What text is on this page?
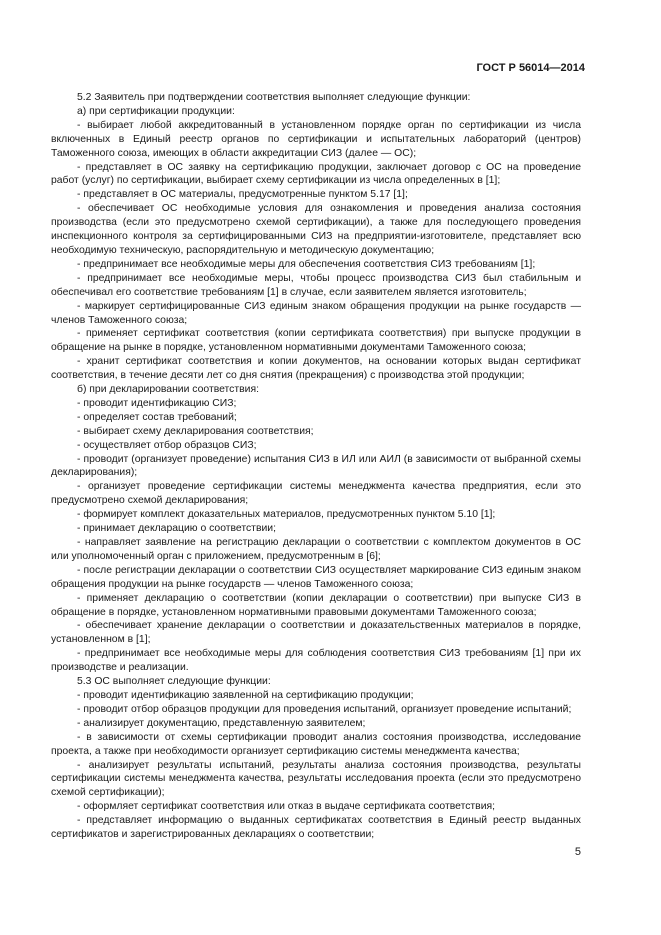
ГОСТ Р 56014—2014

5.2 Заявитель при подтверждении соответствия выполняет следующие функции:

а) при сертификации продукции:

- выбирает любой аккредитованный в установленном порядке орган по сертификации из числа включенных в Единый реестр органов по сертификации и испытательных лабораторий (центров) Таможенного союза, имеющих в области аккредитации СИЗ (далее — ОС);

- представляет в ОС заявку на сертификацию продукции, заключает договор с ОС на проведение работ (услуг) по сертификации, выбирает схему сертификации из числа определенных в [1];

- представляет в ОС материалы, предусмотренные пунктом 5.17 [1];

- обеспечивает ОС необходимые условия для ознакомления и проведения анализа состояния производства (если это предусмотрено схемой сертификации), а также для последующего проведения инспекционного контроля за сертифицированными СИЗ на предприятии-изготовителе, представляет всю необходимую техническую, распорядительную и методическую документацию;

- предпринимает все необходимые меры для обеспечения соответствия СИЗ требованиям [1];

- предпринимает все необходимые меры, чтобы процесс производства СИЗ был стабильным и обеспечивал его соответствие требованиям [1] в случае, если заявителем является изготовитель;

- маркирует сертифицированные СИЗ единым знаком обращения продукции на рынке государств — членов Таможенного союза;

- применяет сертификат соответствия (копии сертификата соответствия) при выпуске продукции в обращение на рынке в порядке, установленном нормативными документами Таможенного союза;

- хранит сертификат соответствия и копии документов, на основании которых выдан сертификат соответствия, в течение десяти лет со дня снятия (прекращения) с производства этой продукции;

б) при декларировании соответствия:

- проводит идентификацию СИЗ;

- определяет состав требований;

- выбирает схему декларирования соответствия;

- осуществляет отбор образцов СИЗ;

- проводит (организует проведение) испытания СИЗ в ИЛ или АИЛ (в зависимости от выбранной схемы декларирования);

- организует проведение сертификации системы менеджмента качества предприятия, если это предусмотрено схемой декларирования;

- формирует комплект доказательных материалов, предусмотренных пунктом 5.10 [1];

- принимает декларацию о соответствии;

- направляет заявление на регистрацию декларации о соответствии с комплектом документов в ОС или уполномоченный орган с приложением, предусмотренным в [6];

- после регистрации декларации о соответствии СИЗ осуществляет маркирование СИЗ единым знаком обращения продукции на рынке государств — членов Таможенного союза;

- применяет декларацию о соответствии (копии декларации о соответствии) при выпуске СИЗ в обращение в порядке, установленном нормативными правовыми документами Таможенного союза;

- обеспечивает хранение декларации о соответствии и доказательственных материалов в порядке, установленном в [1];

- предпринимает все необходимые меры для соблюдения соответствия СИЗ требованиям [1] при их производстве и реализации.

5.3 ОС выполняет следующие функции:

- проводит идентификацию заявленной на сертификацию продукции;

- проводит отбор образцов продукции для проведения испытаний, организует проведение испытаний;

- анализирует документацию, представленную заявителем;

- в зависимости от схемы сертификации проводит анализ состояния производства, исследование проекта, а также при необходимости организует сертификацию системы менеджмента качества;

- анализирует результаты испытаний, результаты анализа состояния производства, результаты сертификации системы менеджмента качества, результаты исследования проекта (если это предусмотрено схемой сертификации);

- оформляет сертификат соответствия или отказ в выдаче сертификата соответствия;

- представляет информацию о выданных сертификатах соответствия в Единый реестр выданных сертификатов и зарегистрированных декларациях о соответствии;

5
